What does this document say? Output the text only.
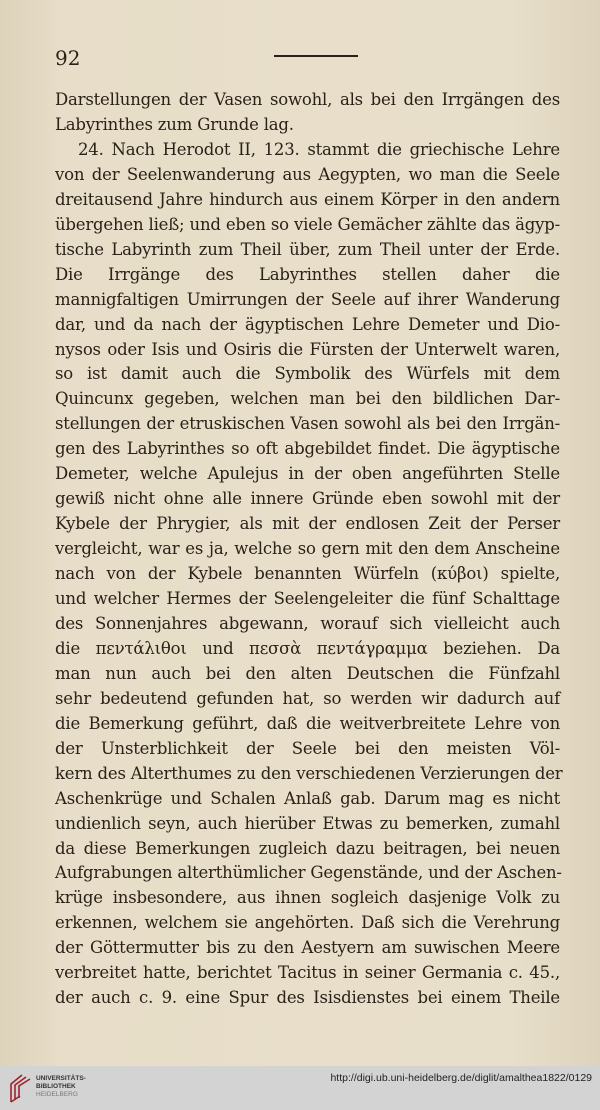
92
Darstellungen der Vasen sowohl, als bei den Irrgängen des
Labyrinthes zum Grunde lag.
24. Nach Herodot II, 123. stammt die griechische Lehre
von der Seelenwanderung aus Aegypten, wo man die Seele
dreitausend Jahre hindurch aus einem Körper in den andern
übergehen ließ; und eben so viele Gemächer zählte das ägyp-
tische Labyrinth zum Theil über, zum Theil unter der Erde.
Die Irrgänge des Labyrinthes stellen daher die
mannigfaltigen Umirrungen der Seele auf ihrer Wanderung
dar, und da nach der ägyptischen Lehre Demeter und Dio-
nysos oder Isis und Osiris die Fürsten der Unterwelt waren,
so ist damit auch die Symbolik des Würfels mit dem
Quincunx gegeben, welchen man bei den bildlichen Dar-
stellungen der etruskischen Vasen sowohl als bei den Irrgän-
gen des Labyrinthes so oft abgebildet findet. Die ägyptische
Demeter, welche Apulejus in der oben angeführten Stelle
gewiß nicht ohne alle innere Gründe eben sowohl mit der
Kybele der Phrygier, als mit der endlosen Zeit der Perser
vergleicht, war es ja, welche so gern mit den dem Anscheine
nach von der Kybele benannten Würfeln (κύβοι) spielte,
und welcher Hermes der Seelengeleiter die fünf Schalttage
des Sonnenjahres abgewann, worauf sich vielleicht auch
die πεντάλιθοι und πεσσὰ πεντάγραμμα beziehen. Da
man nun auch bei den alten Deutschen die Fünfzahl
sehr bedeutend gefunden hat, so werden wir dadurch auf
die Bemerkung geführt, daß die weitverbreitete Lehre von
der Unsterblichkeit der Seele bei den meisten Völ-
kern des Alterthumes zu den verschiedenen Verzierungen der
Aschenkrüge und Schalen Anlaß gab. Darum mag es nicht
undienlich seyn, auch hierüber Etwas zu bemerken, zumahl
da diese Bemerkungen zugleich dazu beitragen, bei neuen
Aufgrabungen alterthümlicher Gegenstände, und der Aschen-
krüge insbesondere, aus ihnen sogleich dasjenige Volk zu
erkennen, welchem sie angehörten. Daß sich die Verehrung
der Göttermutter bis zu den Aestyern am suwischen Meere
verbreitet hatte, berichtet Tacitus in seiner Germania c. 45.,
der auch c. 9. eine Spur des Isisdienstes bei einem Theile
UNIVERSITÄTS-
BIBLIOTHEK
HEIDELBERG
http://digi.ub.uni-heidelberg.de/diglit/amalthea1822/0129
